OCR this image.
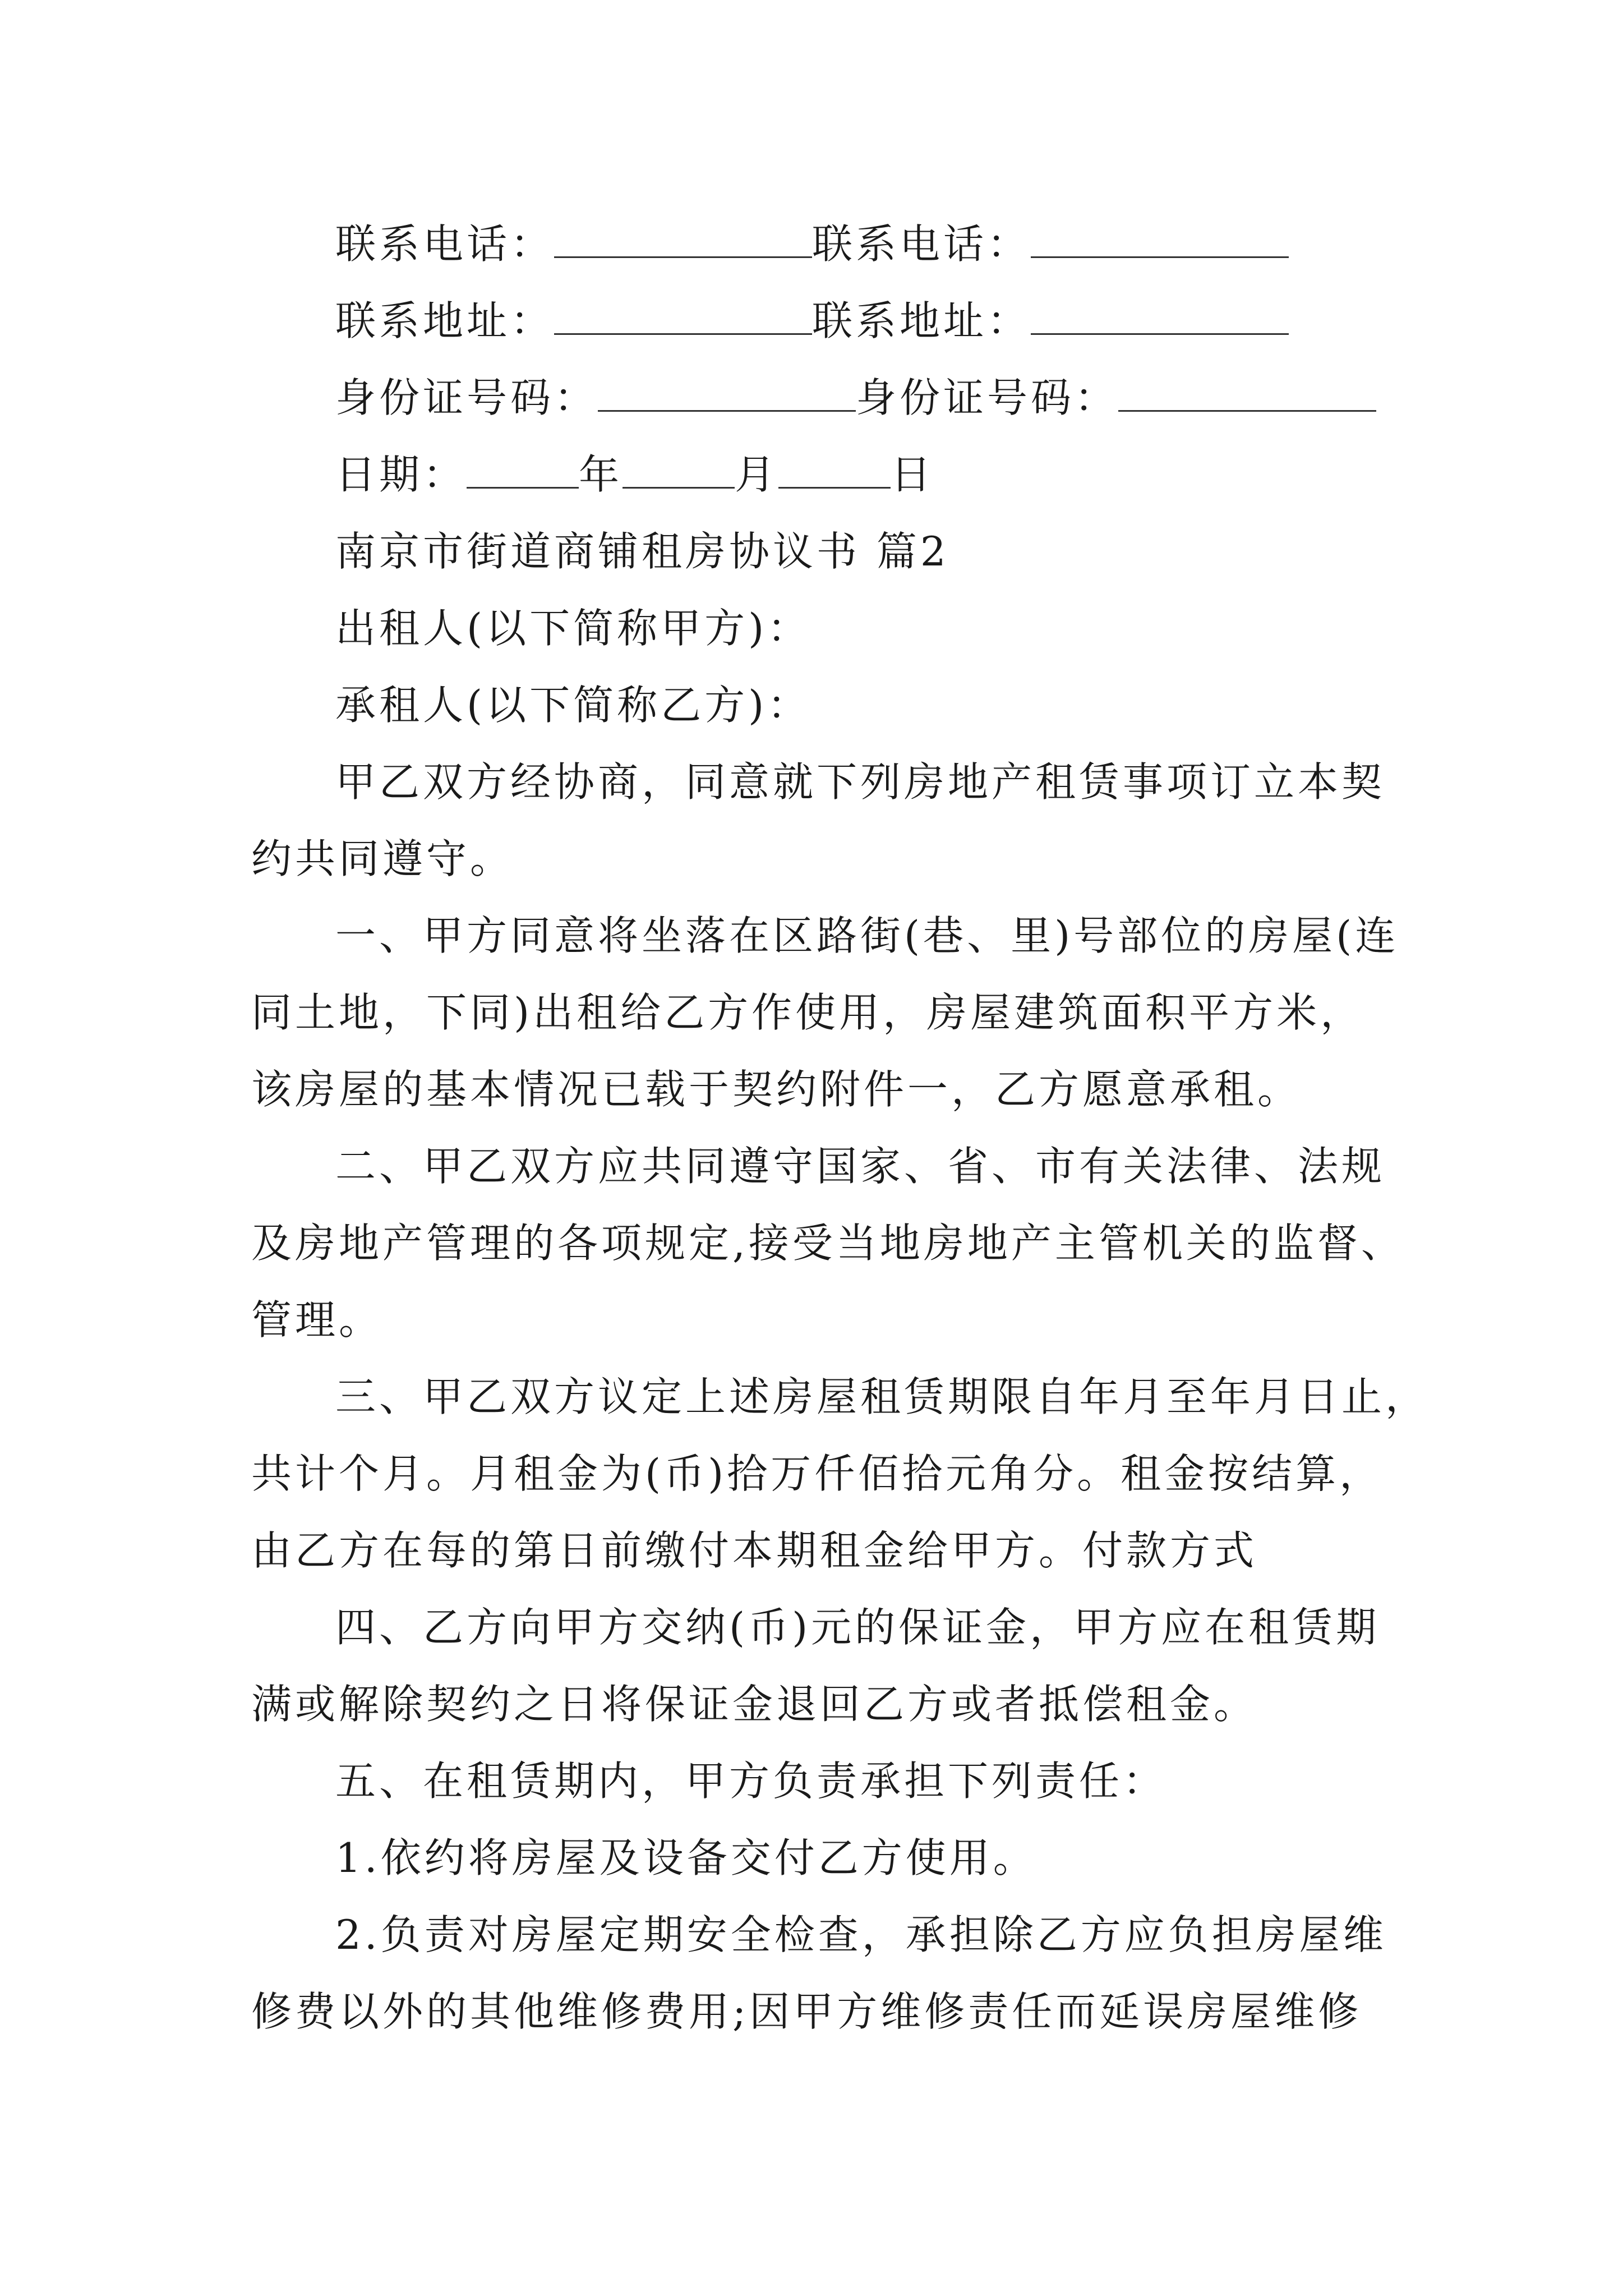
联系电话：	联系电话：
联系地址：	联系地址：
身份证号码：	身份证号码：
日期：	年	月	日
南京市街道商铺租房协议书 篇2
出租人(以下简称甲方)：
承租人(以下简称乙方)：
甲乙双方经协商，同意就下列房地产租赁事项订立本契
约共同遵守。
一、甲方同意将坐落在区路街(巷、里)号部位的房屋(连
同土地，下同)出租给乙方作使用，房屋建筑面积平方米，
该房屋的基本情况已载于契约附件一，乙方愿意承租。
二、甲乙双方应共同遵守国家、省、市有关法律、法规
及房地产管理的各项规定,接受当地房地产主管机关的监督、
管理。
三、甲乙双方议定上述房屋租赁期限自年月至年月日止，
共计个月。月租金为(币)拾万仟佰拾元角分。租金按结算，
由乙方在每的第日前缴付本期租金给甲方。付款方式
四、乙方向甲方交纳(币)元的保证金，甲方应在租赁期
满或解除契约之日将保证金退回乙方或者抵偿租金。
五、在租赁期内，甲方负责承担下列责任：
1.依约将房屋及设备交付乙方使用。
2.负责对房屋定期安全检查，承担除乙方应负担房屋维
修费以外的其他维修费用;因甲方维修责任而延误房屋维修
